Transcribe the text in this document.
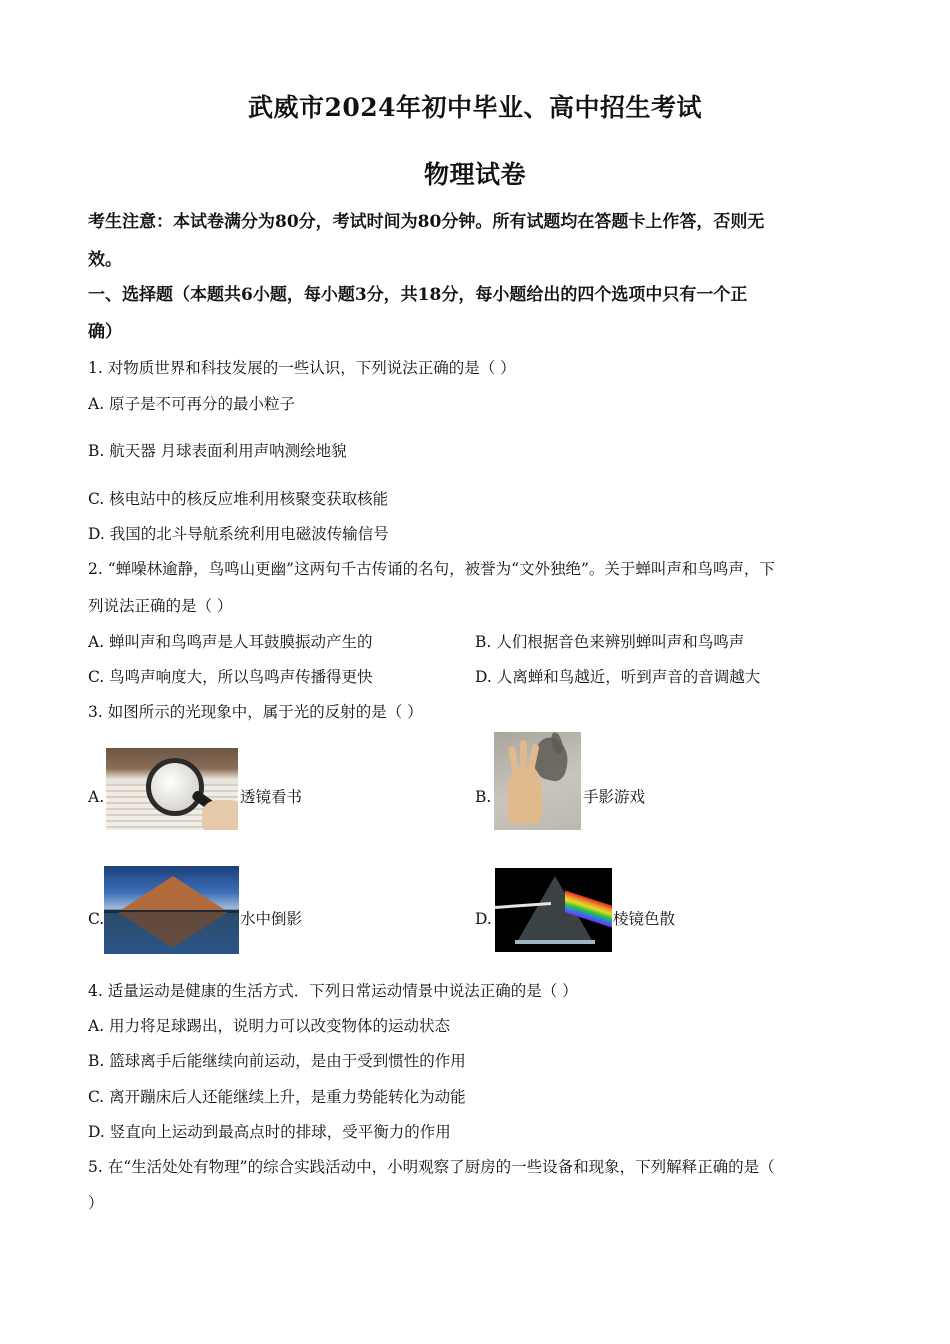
武威市2024年初中毕业、高中招生考试
物理试卷
考生注意：本试卷满分为80分，考试时间为80分钟。所有试题均在答题卡上作答，否则无
效。
一、选择题（本题共6小题，每小题3分，共18分，每小题给出的四个选项中只有一个正
确）
1. 对物质世界和科技发展的一些认识，下列说法正确的是（ ）
A. 原子是不可再分的最小粒子
B. 航天器 月球表面利用声呐测绘地貌
C. 核电站中的核反应堆利用核聚变获取核能
D. 我国的北斗导航系统利用电磁波传输信号
2. “蝉噪林逾静，鸟鸣山更幽”这两句千古传诵的名句，被誉为“文外独绝”。关于蝉叫声和鸟鸣声，下
列说法正确的是（ ）
A. 蝉叫声和鸟鸣声是人耳鼓膜振动产生的	B. 人们根据音色来辨别蝉叫声和鸟鸣声
C. 鸟鸣声响度大，所以鸟鸣声传播得更快	D. 人离蝉和鸟越近，听到声音的音调越大
3. 如图所示的光现象中，属于光的反射的是（ ）
A.	透镜看书	B.	手影游戏
C.	水中倒影	D.	棱镜色散
4. 适量运动是健康的生活方式．下列日常运动情景中说法正确的是（ ）
A. 用力将足球踢出，说明力可以改变物体的运动状态
B. 篮球离手后能继续向前运动，是由于受到惯性的作用
C. 离开蹦床后人还能继续上升，是重力势能转化为动能
D. 竖直向上运动到最高点时的排球，受平衡力的作用
5. 在“生活处处有物理”的综合实践活动中，小明观察了厨房的一些设备和现象，下列解释正确的是（
）
